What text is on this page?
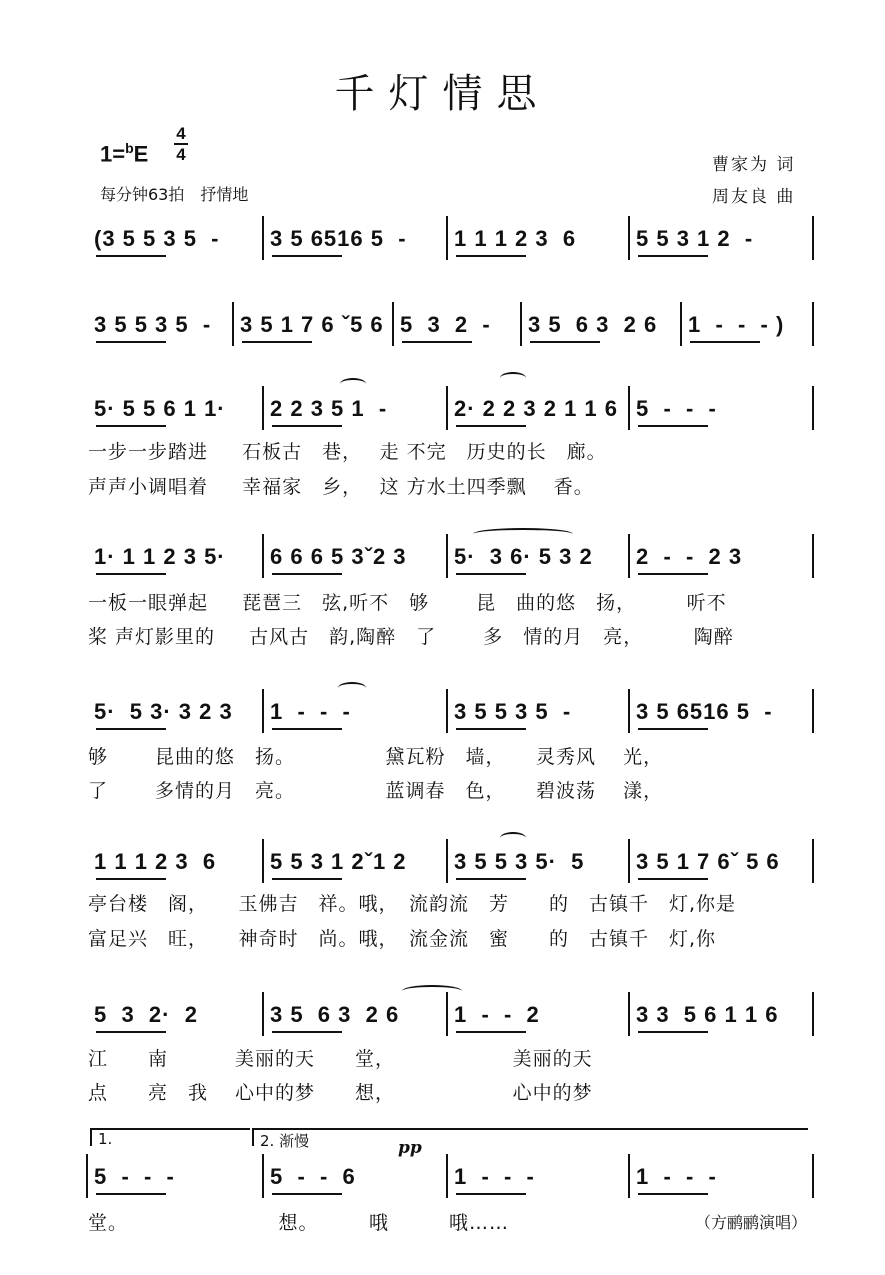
千灯情思
1=$^b$E
4
4
每分钟63拍　抒情地
曹家为 词
周友良 曲
(3 5 5 3 5  -	3 5 6516 5  -	1 1 1 2 3  6	5 5 3 1 2  -
3 5 5 3 5  -	3 5 1 7 6 ˇ5 6 5  3  2  -	3 5  6 3  2 6	1  -  -  - )
5· 5 5 6 1 1·	2 2 3 5 1  -	2· 2 2 3 2 1 1 6 5  -  -  -
一步一步踏进　  石板古　巷，　 走 不完　历史的长　廊。
声声小调唱着　  幸福家　乡，　 这 方水土四季飘　 香。
1· 1 1 2 3 5·	6 6 6 5 3ˇ2 3	5·  3 6· 5 3 2	2  -  -  2 3
一板一眼弹起　  琵琶三　弦,听不　够　　 昆　曲的悠　扬，　　　听不
桨 声灯影里的　  古风古　韵,陶醉　了　　 多　情的月　亮，　　　陶醉
5·  5 3· 3 2 3	1  -  -  -	3 5 5 3 5  -	3 5 6516 5  -
够　　 昆曲的悠　扬。　　　　　黛瓦粉　墙，　　灵秀风　 光，
了　　 多情的月　亮。　　　　　蓝调春　色，　　碧波荡　 漾，
1 1 1 2 3  6	5 5 3 1 2ˇ1 2	3 5 5 3 5·  5	3 5 1 7 6ˇ 5 6
亭台楼　阁，　　玉佛吉　祥。哦，　流韵流　芳　　的　古镇千　灯,你是
富足兴　旺，　　神奇时　尚。哦，　流金流　蜜　　的　古镇千　灯,你
5  3  2·  2	3 5  6 3  2 6	1  -  -  2	3 3  5 6 1 1 6
江　　南　　　 美丽的天　　堂，　　　　　　 美丽的天
点　　亮　我　 心中的梦　　想，　　　　　　 心中的梦
5  -  -  -	5  -  -  6	1  -  -  -	1  -  -  -
堂。　　　　　　　　想。　　　哦　　　哦……
1.	2. 渐慢	pp
（方鹂鹂演唱）
